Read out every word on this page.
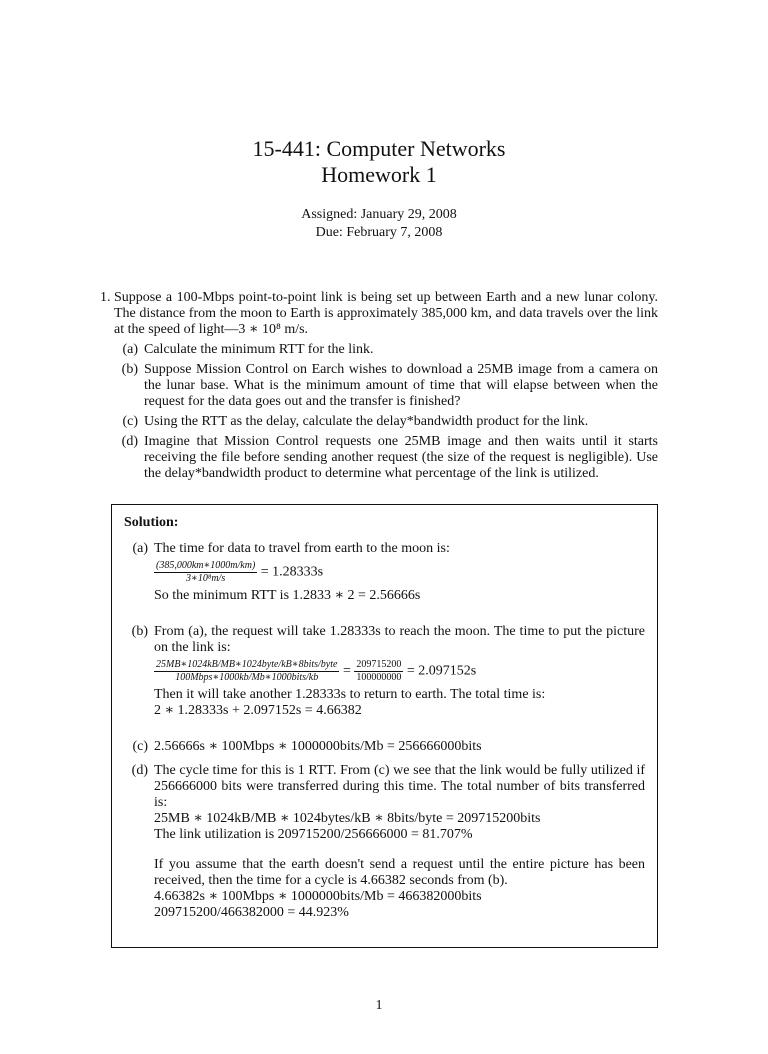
15-441: Computer Networks
Homework 1
Assigned: January 29, 2008
Due: February 7, 2008
1. Suppose a 100-Mbps point-to-point link is being set up between Earth and a new lunar colony. The distance from the moon to Earth is approximately 385,000 km, and data travels over the link at the speed of light—3 ∗ 10⁸ m/s.
(a) Calculate the minimum RTT for the link.
(b) Suppose Mission Control on Earch wishes to download a 25MB image from a camera on the lunar base. What is the minimum amount of time that will elapse between when the request for the data goes out and the transfer is finished?
(c) Using the RTT as the delay, calculate the delay*bandwidth product for the link.
(d) Imagine that Mission Control requests one 25MB image and then waits until it starts receiving the file before sending another request (the size of the request is negligible). Use the delay*bandwidth product to determine what percentage of the link is utilized.
Solution:
(a) The time for data to travel from earth to the moon is:
$\frac{(385,000km∗1000m/km)}{\text{3∗10⁸m/s}} = 1.28333s$
So the minimum RTT is 1.2833 ∗ 2 = 2.56666s
(b) From (a), the request will take 1.28333s to reach the moon. The time to put the picture on the link is:
$\frac{\text{25MB∗1024kB/MB∗1024byte/kB∗8bits/byte}}{\text{100Mbps∗1000kb/Mb∗1000bits/kb}} = \frac{209715200}{100000000} = 2.097152s$
Then it will take another 1.28333s to return to earth. The total time is:
2 ∗ 1.28333s + 2.097152s = 4.66382
(c) 2.56666s ∗ 100Mbps ∗ 1000000bits/Mb = 256666000bits
(d) The cycle time for this is 1 RTT. From (c) we see that the link would be fully utilized if 256666000 bits were transferred during this time. The total number of bits transferred is:
25MB ∗ 1024kB/MB ∗ 1024bytes/kB ∗ 8bits/byte = 209715200bits
The link utilization is 209715200/256666000 = 81.707%
If you assume that the earth doesn't send a request until the entire picture has been received, then the time for a cycle is 4.66382 seconds from (b).
4.66382s ∗ 100Mbps ∗ 1000000bits/Mb = 466382000bits
209715200/466382000 = 44.923%
1
